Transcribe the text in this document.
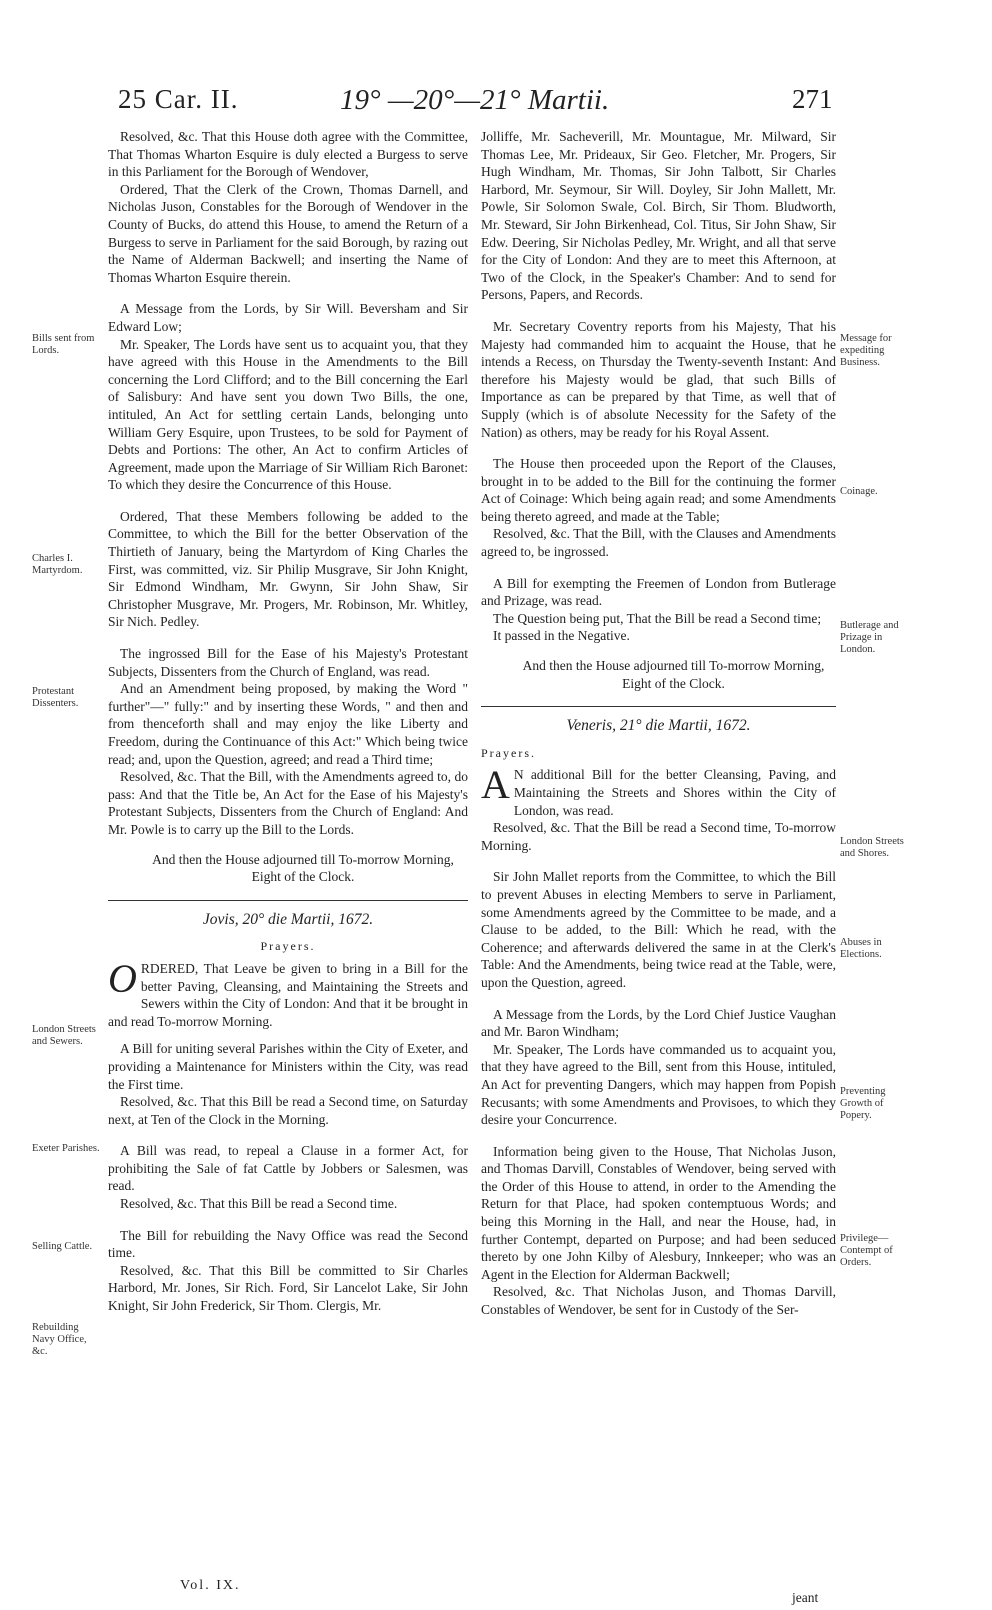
25 Car. II.	19° —20°—21° Martii.	271

Resolved, &c. That this House doth agree with the Committee, That Thomas Wharton Esquire is duly elected a Burgess to serve in this Parliament for the Borough of Wendover,

Ordered, That the Clerk of the Crown, Thomas Darnell, and Nicholas Juson, Constables for the Borough of Wendover in the County of Bucks, do attend this House, to amend the Return of a Burgess to serve in Parliament for the said Borough, by razing out the Name of Alderman Backwell; and inserting the Name of Thomas Wharton Esquire therein.

A Message from the Lords, by Sir Will. Beversham and Sir Edward Low;

Mr. Speaker, The Lords have sent us to acquaint you, that they have agreed with this House in the Amendments to the Bill concerning the Lord Clifford; and to the Bill concerning the Earl of Salisbury: And have sent you down Two Bills, the one, intituled, An Act for settling certain Lands, belonging unto William Gery Esquire, upon Trustees, to be sold for Payment of Debts and Portions: The other, An Act to confirm Articles of Agreement, made upon the Marriage of Sir William Rich Baronet: To which they desire the Concurrence of this House.

Ordered, That these Members following be added to the Committee, to which the Bill for the better Observation of the Thirtieth of January, being the Martyrdom of King Charles the First, was committed, viz. Sir Philip Musgrave, Sir John Knight, Sir Edmond Windham, Mr. Gwynn, Sir John Shaw, Sir Christopher Musgrave, Mr. Progers, Mr. Robinson, Mr. Whitley, Sir Nich. Pedley.

The ingrossed Bill for the Ease of his Majesty's Protestant Subjects, Dissenters from the Church of England, was read.

And an Amendment being proposed, by making the Word " further"—" fully:" and by inserting these Words, " and then and from thenceforth shall and may enjoy the like Liberty and Freedom, during the Continuance of this Act:" Which being twice read; and, upon the Question, agreed; and read a Third time;

Resolved, &c. That the Bill, with the Amendments agreed to, do pass: And that the Title be, An Act for the Ease of his Majesty's Protestant Subjects, Dissenters from the Church of England: And Mr. Powle is to carry up the Bill to the Lords.

And then the House adjourned till To-morrow Morning, Eight of the Clock.

Jovis, 20° die Martii, 1672.
Prayers.

ORDERED, That Leave be given to bring in a Bill for the better Paving, Cleansing, and Maintaining the Streets and Sewers within the City of London: And that it be brought in and read To-morrow Morning.

A Bill for uniting several Parishes within the City of Exeter, and providing a Maintenance for Ministers within the City, was read the First time.

Resolved, &c. That this Bill be read a Second time, on Saturday next, at Ten of the Clock in the Morning.

A Bill was read, to repeal a Clause in a former Act, for prohibiting the Sale of fat Cattle by Jobbers or Salesmen, was read.

Resolved, &c. That this Bill be read a Second time.

The Bill for rebuilding the Navy Office was read the Second time.

Resolved, &c. That this Bill be committed to Sir Charles Harbord, Mr. Jones, Sir Rich. Ford, Sir Lancelot Lake, Sir John Knight, Sir John Frederick, Sir Thom. Clergis, Mr.

Jolliffe, Mr. Sacheverill, Mr. Mountague, Mr. Milward, Sir Thomas Lee, Mr. Prideaux, Sir Geo. Fletcher, Mr. Progers, Sir Hugh Windham, Mr. Thomas, Sir John Talbott, Sir Charles Harbord, Mr. Seymour, Sir Will. Doyley, Sir John Mallett, Mr. Powle, Sir Solomon Swale, Col. Birch, Sir Thom. Bludworth, Mr. Steward, Sir John Birkenhead, Col. Titus, Sir John Shaw, Sir Edw. Deering, Sir Nicholas Pedley, Mr. Wright, and all that serve for the City of London: And they are to meet this Afternoon, at Two of the Clock, in the Speaker's Chamber: And to send for Persons, Papers, and Records.

Mr. Secretary Coventry reports from his Majesty, That his Majesty had commanded him to acquaint the House, that he intends a Recess, on Thursday the Twenty-seventh Instant: And therefore his Majesty would be glad, that such Bills of Importance as can be prepared by that Time, as well that of Supply (which is of absolute Necessity for the Safety of the Nation) as others, may be ready for his Royal Assent.

The House then proceeded upon the Report of the Clauses, brought in to be added to the Bill for the continuing the former Act of Coinage: Which being again read; and some Amendments being thereto agreed, and made at the Table;

Resolved, &c. That the Bill, with the Clauses and Amendments agreed to, be ingrossed.

A Bill for exempting the Freemen of London from Butlerage and Prizage, was read.

The Question being put, That the Bill be read a Second time;

It passed in the Negative.

And then the House adjourned till To-morrow Morning, Eight of the Clock.

Veneris, 21° die Martii, 1672.
Prayers.

A N additional Bill for the better Cleansing, Paving, and Maintaining the Streets and Shores within the City of London, was read.

Resolved, &c. That the Bill be read a Second time, To-morrow Morning.

Sir John Mallet reports from the Committee, to which the Bill to prevent Abuses in electing Members to serve in Parliament, some Amendments agreed by the Committee to be made, and a Clause to be added, to the Bill: Which he read, with the Coherence; and afterwards delivered the same in at the Clerk's Table: And the Amendments, being twice read at the Table, were, upon the Question, agreed.

A Message from the Lords, by the Lord Chief Justice Vaughan and Mr. Baron Windham;

Mr. Speaker, The Lords have commanded us to acquaint you, that they have agreed to the Bill, sent from this House, intituled, An Act for preventing Dangers, which may happen from Popish Recusants; with some Amendments and Provisoes, to which they desire your Concurrence.

Information being given to the House, That Nicholas Juson, and Thomas Darvill, Constables of Wendover, being served with the Order of this House to attend, in order to the Amending the Return for that Place, had spoken contemptuous Words; and being this Morning in the Hall, and near the House, had, in further Contempt, departed on Purpose; and had been seduced thereto by one John Kilby of Alesbury, Innkeeper; who was an Agent in the Election for Alderman Backwell;

Resolved, &c. That Nicholas Juson, and Thomas Darvill, Constables of Wendover, be sent for in Custody of the Ser-

Bills sent from Lords.
Charles I. Martyrdom.
Protestant Dissenters.
London Streets and Sewers.
Exeter Parishes.
Selling Cattle.
Rebuilding Navy Office, &c.
Message for expediting Business.
Coinage.
Butlerage and Prizage in London.
London Streets and Shores.
Abuses in Elections.
Preventing Growth of Popery.
Privilege—Contempt of Orders.
Vol. IX.
jeant
